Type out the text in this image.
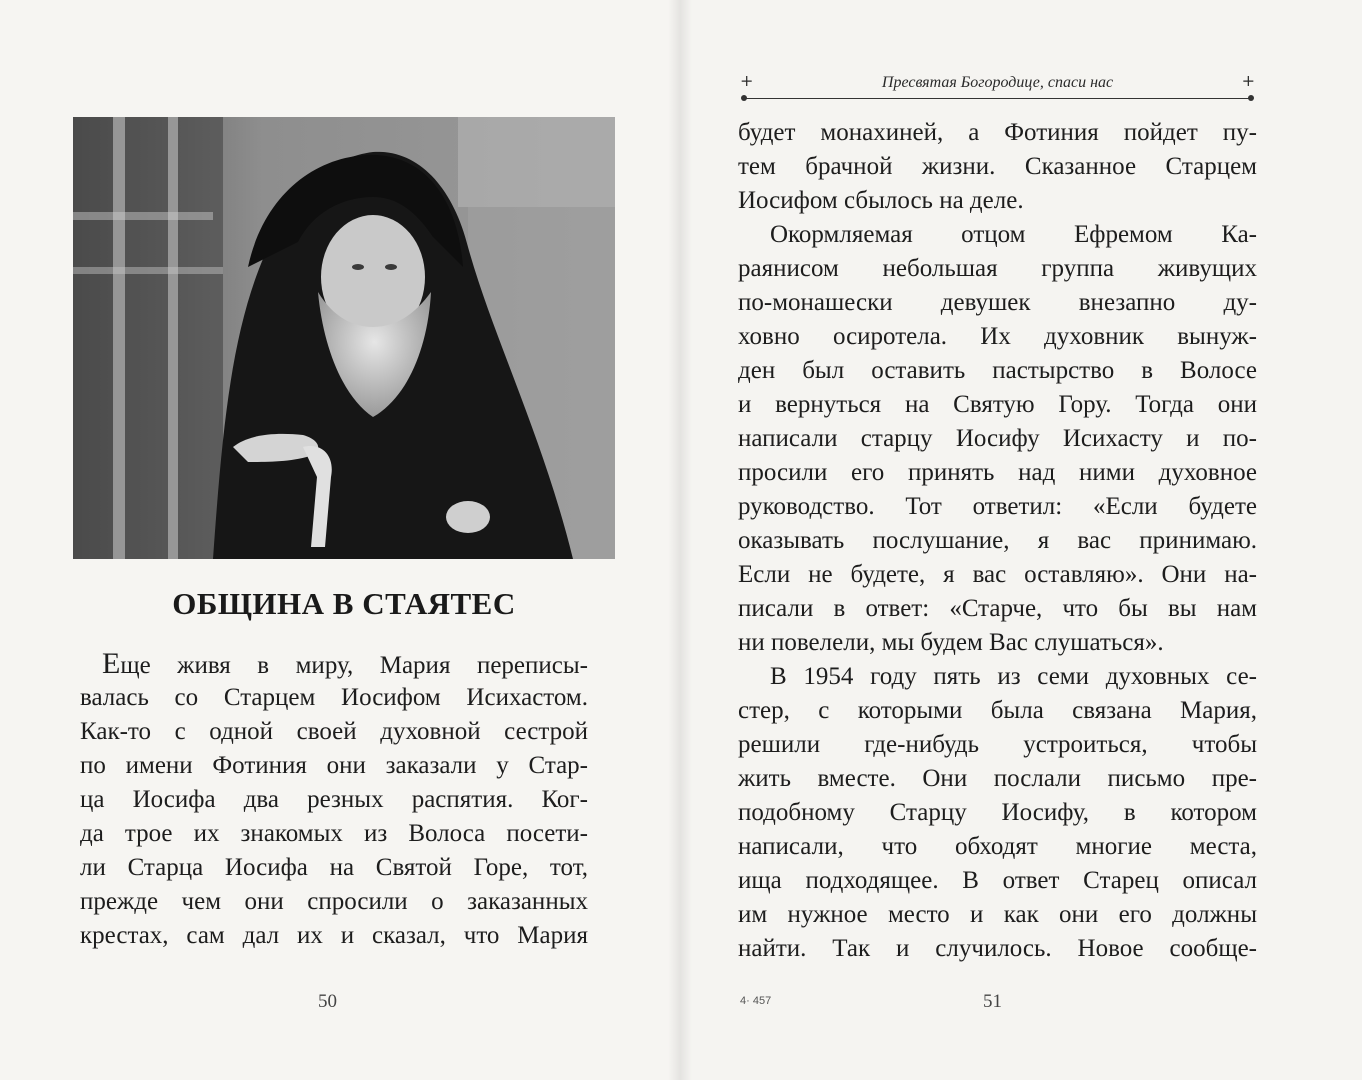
ОБЩИНА В СТАЯТЕС
Еще живя в миру, Мария переписы-
валась со Старцем Иосифом Исихастом.
Как-то с одной своей духовной сестрой
по имени Фотиния они заказали у Стар-
ца Иосифа два резных распятия. Ког-
да трое их знакомых из Волоса посети-
ли Старца Иосифа на Святой Горе, тот,
прежде чем они спросили о заказанных
крестах, сам дал их и сказал, что Мария
50
+	Пресвятая Богородице, спаси нас	+
будет монахиней, а Фотиния пойдет пу-
тем брачной жизни. Сказанное Старцем
Иосифом сбылось на деле.
Окормляемая отцом Ефремом Ка-
раянисом небольшая группа живущих
по-монашески девушек внезапно ду-
ховно осиротела. Их духовник вынуж-
ден был оставить пастырство в Волосе
и вернуться на Святую Гору. Тогда они
написали старцу Иосифу Исихасту и по-
просили его принять над ними духовное
руководство. Тот ответил: «Если будете
оказывать послушание, я вас принимаю.
Если не будете, я вас оставляю». Они на-
писали в ответ: «Старче, что бы вы нам
ни повелели, мы будем Вас слушаться».
В 1954 году пять из семи духовных се-
стер, с которыми была связана Мария,
решили где-нибудь устроиться, чтобы
жить вместе. Они послали письмо пре-
подобному Старцу Иосифу, в котором
написали, что обходят многие места,
ища подходящее. В ответ Старец описал
им нужное место и как они его должны
найти. Так и случилось. Новое сообще-
4· 457	51
